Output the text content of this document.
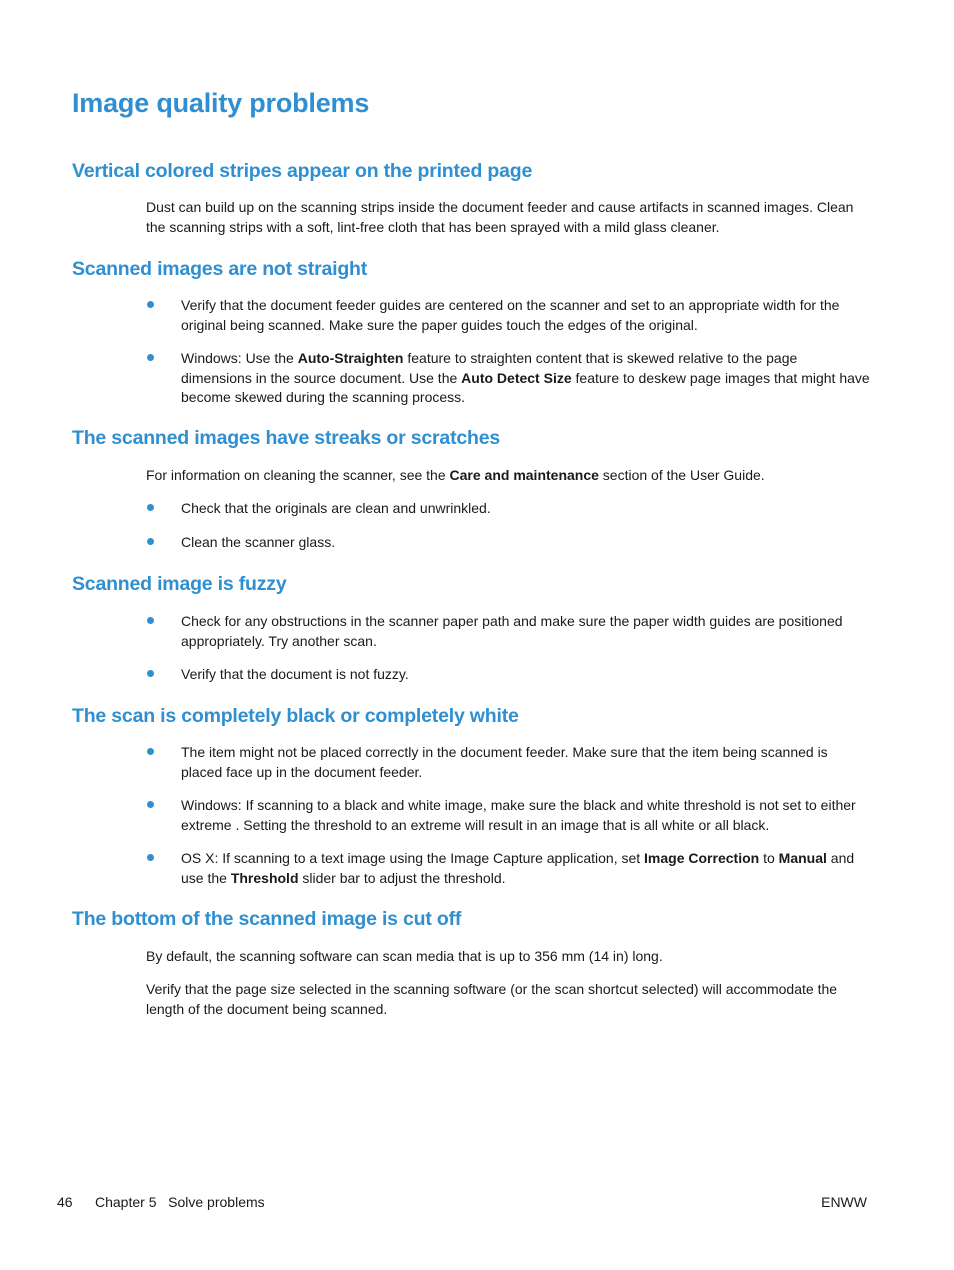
Image quality problems
Vertical colored stripes appear on the printed page

Dust can build up on the scanning strips inside the document feeder and cause artifacts in scanned images. Clean the scanning strips with a soft, lint-free cloth that has been sprayed with a mild glass cleaner.

Scanned images are not straight

Verify that the document feeder guides are centered on the scanner and set to an appropriate width for the original being scanned. Make sure the paper guides touch the edges of the original.

Windows: Use the Auto-Straighten feature to straighten content that is skewed relative to the page dimensions in the source document. Use the Auto Detect Size feature to deskew page images that might have become skewed during the scanning process.

The scanned images have streaks or scratches

For information on cleaning the scanner, see the Care and maintenance section of the User Guide.

Check that the originals are clean and unwrinkled.

Clean the scanner glass.

Scanned image is fuzzy

Check for any obstructions in the scanner paper path and make sure the paper width guides are positioned appropriately. Try another scan.

Verify that the document is not fuzzy.

The scan is completely black or completely white

The item might not be placed correctly in the document feeder. Make sure that the item being scanned is placed face up in the document feeder.

Windows: If scanning to a black and white image, make sure the black and white threshold is not set to either extreme . Setting the threshold to an extreme will result in an image that is all white or all black.

OS X: If scanning to a text image using the Image Capture application, set Image Correction to Manual and use the Threshold slider bar to adjust the threshold.

The bottom of the scanned image is cut off

By default, the scanning software can scan media that is up to 356 mm (14 in) long.

Verify that the page size selected in the scanning software (or the scan shortcut selected) will accommodate the length of the document being scanned.

46 Chapter 5   Solve problems	ENWW
